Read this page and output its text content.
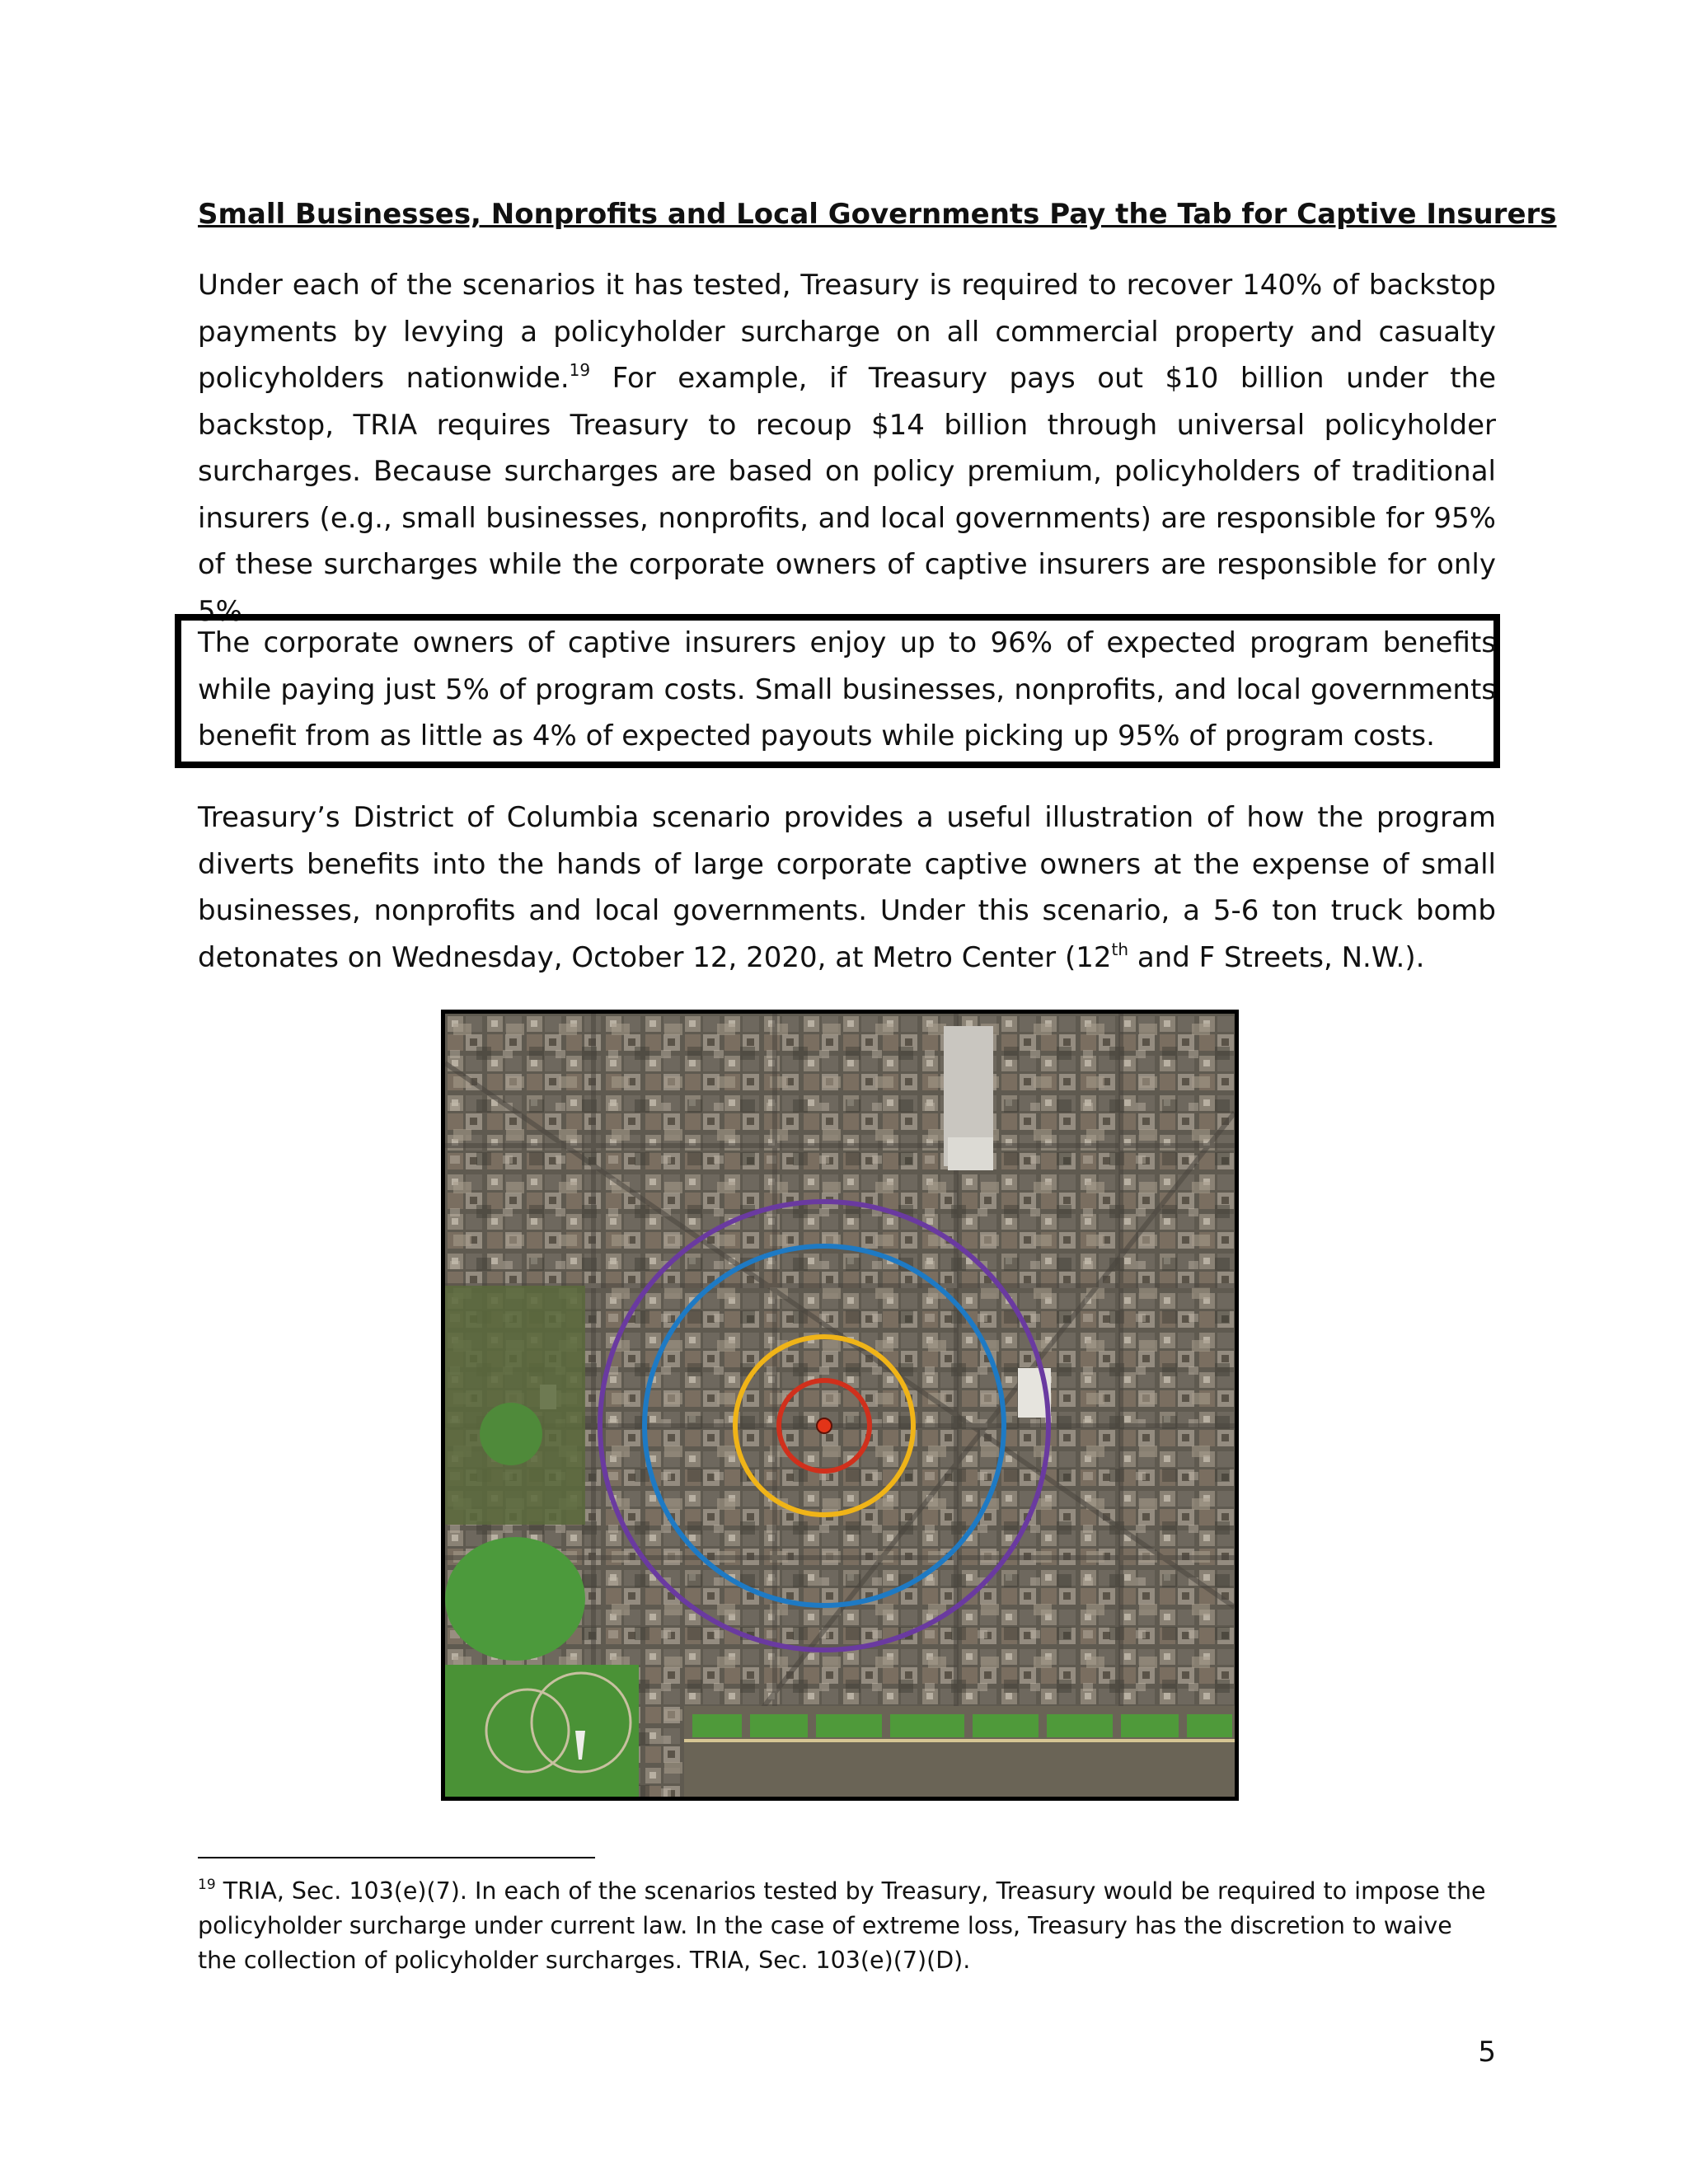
Small Businesses, Nonprofits and Local Governments Pay the Tab for Captive Insurers

Under each of the scenarios it has tested, Treasury is required to recover 140% of backstop payments by levying a policyholder surcharge on all commercial property and casualty policyholders nationwide.$^{19}$ For example, if Treasury pays out $10 billion under the backstop, TRIA requires Treasury to recoup $14 billion through universal policyholder surcharges. Because surcharges are based on policy premium, policyholders of traditional insurers (e.g., small businesses, nonprofits, and local governments) are responsible for 95% of these surcharges while the corporate owners of captive insurers are responsible for only 5%.

The corporate owners of captive insurers enjoy up to 96% of expected program benefits while paying just 5% of program costs. Small businesses, nonprofits, and local governments benefit from as little as 4% of expected payouts while picking up 95% of program costs.

Treasury’s District of Columbia scenario provides a useful illustration of how the program diverts benefits into the hands of large corporate captive owners at the expense of small businesses, nonprofits and local governments. Under this scenario, a 5-6 ton truck bomb detonates on Wednesday, October 12, 2020, at Metro Center (12th and F Streets, N.W.).

$^{19}$ TRIA, Sec. 103(e)(7). In each of the scenarios tested by Treasury, Treasury would be required to impose the policyholder surcharge under current law. In the case of extreme loss, Treasury has the discretion to waive the collection of policyholder surcharges. TRIA, Sec. 103(e)(7)(D).

5
